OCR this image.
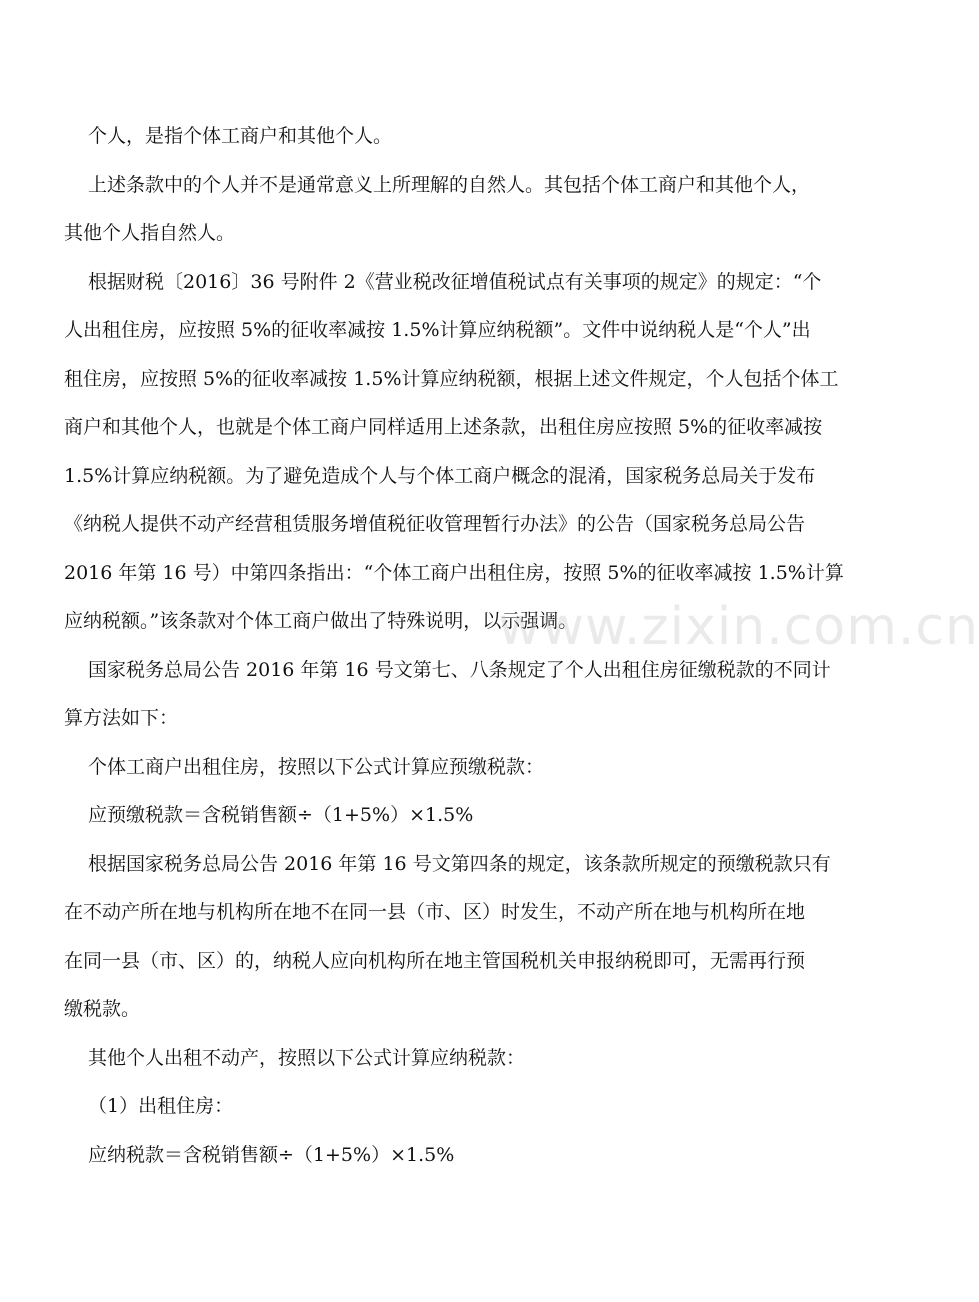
个人，是指个体工商户和其他个人。

上述条款中的个人并不是通常意义上所理解的自然人。其包括个体工商户和其他个人，
其他个人指自然人。

根据财税〔2016〕36 号附件 2《营业税改征增值税试点有关事项的规定》的规定：“个
人出租住房，应按照 5%的征收率减按 1.5%计算应纳税额”。文件中说纳税人是“个人”出
租住房，应按照 5%的征收率减按 1.5%计算应纳税额，根据上述文件规定，个人包括个体工
商户和其他个人，也就是个体工商户同样适用上述条款，出租住房应按照 5%的征收率减按
1.5%计算应纳税额。为了避免造成个人与个体工商户概念的混淆，国家税务总局关于发布
《纳税人提供不动产经营租赁服务增值税征收管理暂行办法》的公告（国家税务总局公告
2016 年第 16 号）中第四条指出：“个体工商户出租住房，按照 5%的征收率减按 1.5%计算
应纳税额。”该条款对个体工商户做出了特殊说明，以示强调。

国家税务总局公告 2016 年第 16 号文第七、八条规定了个人出租住房征缴税款的不同计
算方法如下：

个体工商户出租住房，按照以下公式计算应预缴税款：

应预缴税款＝含税销售额÷（1+5%）×1.5%

根据国家税务总局公告 2016 年第 16 号文第四条的规定，该条款所规定的预缴税款只有
在不动产所在地与机构所在地不在同一县（市、区）时发生，不动产所在地与机构所在地
在同一县（市、区）的，纳税人应向机构所在地主管国税机关申报纳税即可，无需再行预
缴税款。

其他个人出租不动产，按照以下公式计算应纳税款：

（1）出租住房：

应纳税款＝含税销售额÷（1+5%）×1.5%

www.zixin.com.cn
